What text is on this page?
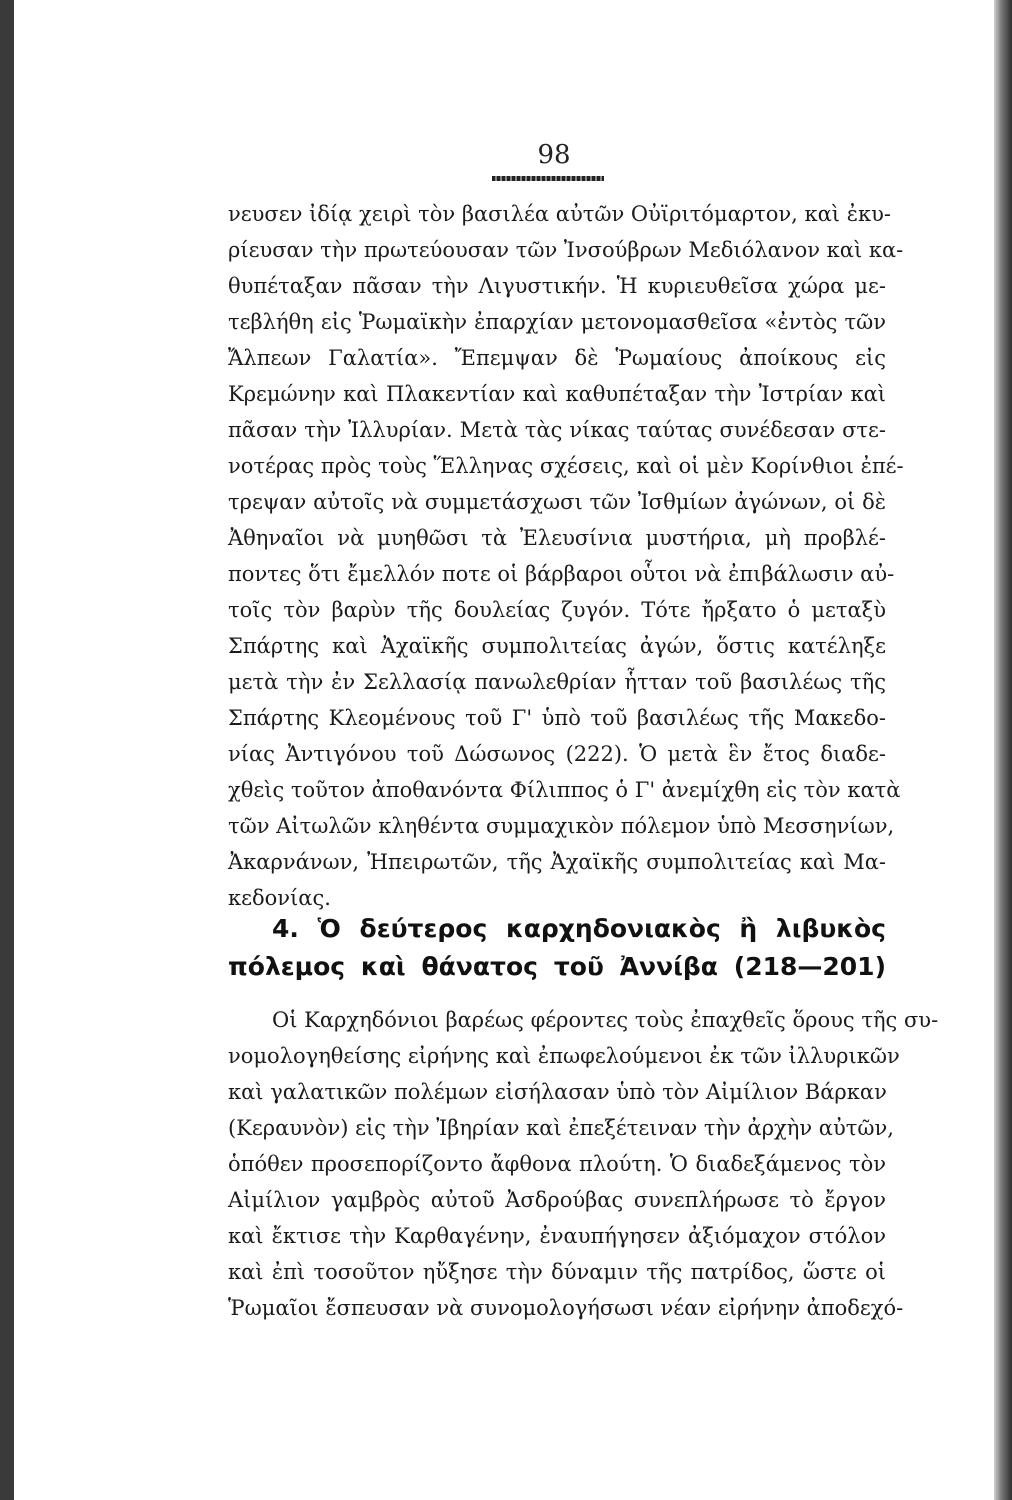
98

νευσεν ἰδίᾳ χειρὶ τὸν βασιλέα αὐτῶν Οὐϊριτόμαρτον, καὶ ἐκυ-

ρίευσαν τὴν πρωτεύουσαν τῶν Ἰνσούβρων Μεδιόλανον καὶ κα-

θυπέταξαν πᾶσαν τὴν Λιγυστικήν. Ἡ κυριευθεῖσα χώρα με-

τεβλήθη εἰς Ῥωμαϊκὴν ἐπαρχίαν μετονομασθεῖσα «ἐντὸς τῶν

Ἄλπεων Γαλατία». Ἔπεμψαν δὲ Ῥωμαίους ἀποίκους εἰς

Κρεμώνην καὶ Πλακεντίαν καὶ καθυπέταξαν τὴν Ἰστρίαν καὶ

πᾶσαν τὴν Ἰλλυρίαν. Μετὰ τὰς νίκας ταύτας συνέδεσαν στε-

νοτέρας πρὸς τοὺς Ἕλληνας σχέσεις, καὶ οἱ μὲν Κορίνθιοι ἐπέ-

τρεψαν αὐτοῖς νὰ συμμετάσχωσι τῶν Ἰσθμίων ἀγώνων, οἱ δὲ

Ἀθηναῖοι νὰ μυηθῶσι τὰ Ἐλευσίνια μυστήρια, μὴ προβλέ-

ποντες ὅτι ἔμελλόν ποτε οἱ βάρβαροι οὗτοι νὰ ἐπιβάλωσιν αὐ-

τοῖς τὸν βαρὺν τῆς δουλείας ζυγόν. Τότε ἤρξατο ὁ μεταξὺ

Σπάρτης καὶ Ἀχαϊκῆς συμπολιτείας ἀγών, ὅστις κατέληξε

μετὰ τὴν ἐν Σελλασίᾳ πανωλεθρίαν ἧτταν τοῦ βασιλέως τῆς

Σπάρτης Κλεομένους τοῦ Γ' ὑπὸ τοῦ βασιλέως τῆς Μακεδο-

νίας Ἀντιγόνου τοῦ Δώσωνος (222). Ὁ μετὰ ἓν ἔτος διαδε-

χθεὶς τοῦτον ἀποθανόντα Φίλιππος ὁ Γ' ἀνεμίχθη εἰς τὸν κατὰ

τῶν Αἰτωλῶν κληθέντα συμμαχικὸν πόλεμον ὑπὸ Μεσσηνίων,

Ἀκαρνάνων, Ἠπειρωτῶν, τῆς Ἀχαϊκῆς συμπολιτείας καὶ Μα-

κεδονίας.

4. Ὁ δεύτερος καρχηδονιακὸς ἢ λιβυκὸς

πόλεμος καὶ θάνατος τοῦ Ἀννίβα (218—201)

Οἱ Καρχηδόνιοι βαρέως φέροντες τοὺς ἐπαχθεῖς ὅρους τῆς συ-

νομολογηθείσης εἰρήνης καὶ ἐπωφελούμενοι ἐκ τῶν ἰλλυρικῶν

καὶ γαλατικῶν πολέμων εἰσήλασαν ὑπὸ τὸν Αἰμίλιον Βάρκαν

(Κεραυνὸν) εἰς τὴν Ἰβηρίαν καὶ ἐπεξέτειναν τὴν ἀρχὴν αὐτῶν,

ὁπόθεν προσεπορίζοντο ἄφθονα πλούτη. Ὁ διαδεξάμενος τὸν

Αἰμίλιον γαμβρὸς αὐτοῦ Ἀσδρούβας συνεπλήρωσε τὸ ἔργον

καὶ ἔκτισε τὴν Καρθαγένην, ἐναυπήγησεν ἀξιόμαχον στόλον

καὶ ἐπὶ τοσοῦτον ηὔξησε τὴν δύναμιν τῆς πατρίδος, ὥστε οἱ

Ῥωμαῖοι ἔσπευσαν νὰ συνομολογήσωσι νέαν εἰρήνην ἀποδεχό-
